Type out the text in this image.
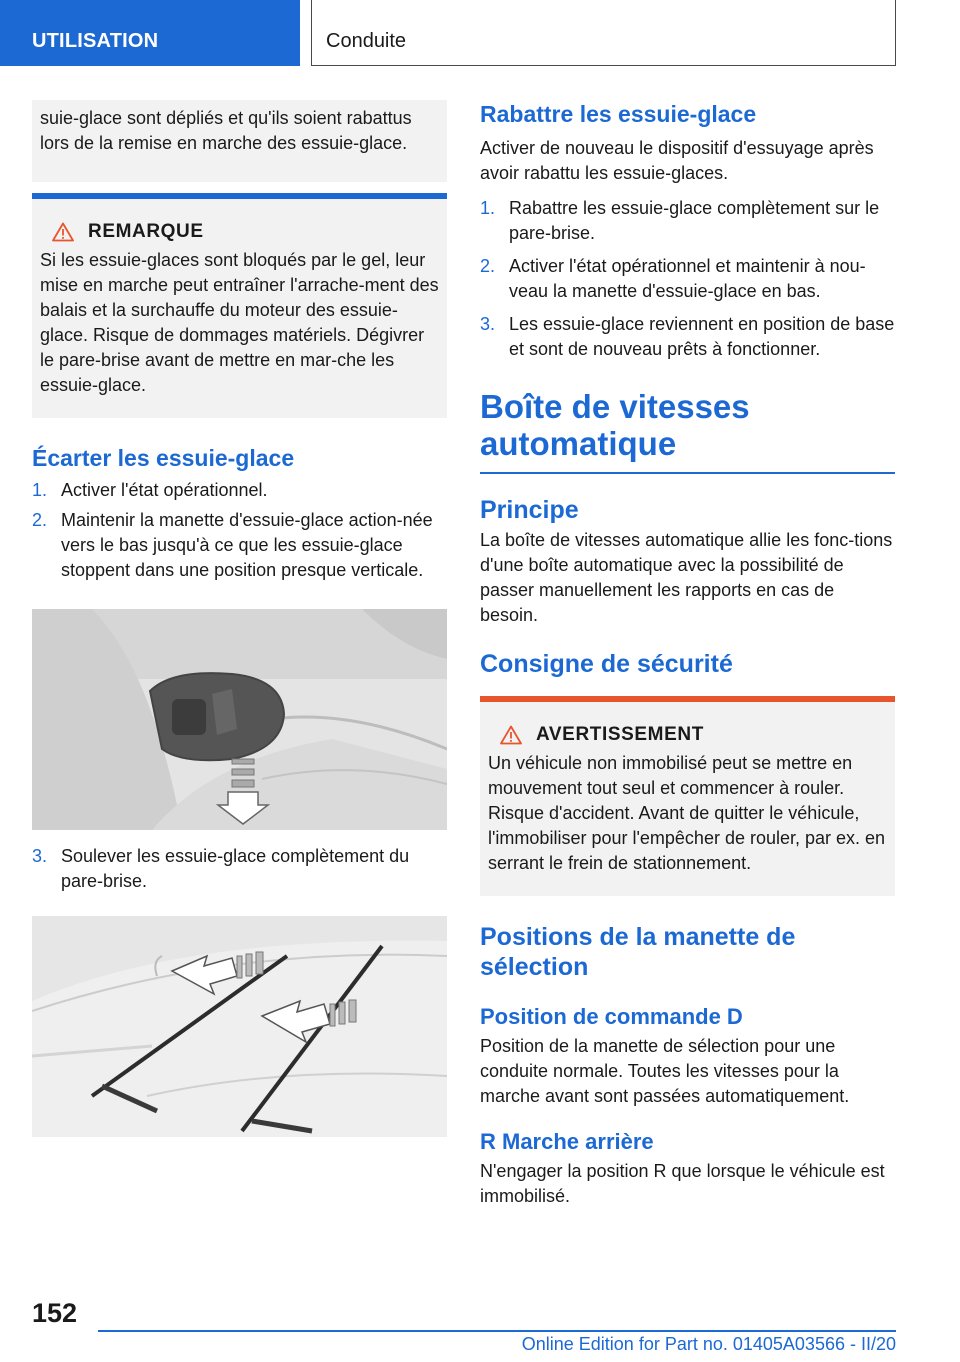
UTILISATION	Conduite
suie-glace sont dépliés et qu'ils soient rabattus lors de la remise en marche des essuie-glace.
REMARQUE
Si les essuie-glaces sont bloqués par le gel, leur mise en marche peut entraîner l'arrache-ment des balais et la surchauffe du moteur des essuie-glace. Risque de dommages matériels. Dégivrer le pare-brise avant de mettre en mar-che les essuie-glace.
Écarter les essuie-glace
1. Activer l'état opérationnel.
2. Maintenir la manette d'essuie-glace action-née vers le bas jusqu'à ce que les essuie-glace stoppent dans une position presque verticale.
3. Soulever les essuie-glace complètement du pare-brise.
Rabattre les essuie-glace
Activer de nouveau le dispositif d'essuyage après avoir rabattu les essuie-glaces.
1. Rabattre les essuie-glace complètement sur le pare-brise.
2. Activer l'état opérationnel et maintenir à nou-veau la manette d'essuie-glace en bas.
3. Les essuie-glace reviennent en position de base et sont de nouveau prêts à fonctionner.
Boîte de vitesses automatique
Principe
La boîte de vitesses automatique allie les fonc-tions d'une boîte automatique avec la possibilité de passer manuellement les rapports en cas de besoin.
Consigne de sécurité
AVERTISSEMENT
Un véhicule non immobilisé peut se mettre en mouvement tout seul et commencer à rouler. Risque d'accident. Avant de quitter le véhicule, l'immobiliser pour l'empêcher de rouler, par ex. en serrant le frein de stationnement.
Positions de la manette de sélection
Position de commande D
Position de la manette de sélection pour une conduite normale. Toutes les vitesses pour la marche avant sont passées automatiquement.
R Marche arrière
N'engager la position R que lorsque le véhicule est immobilisé.
152
Online Edition for Part no. 01405A03566 - II/20
